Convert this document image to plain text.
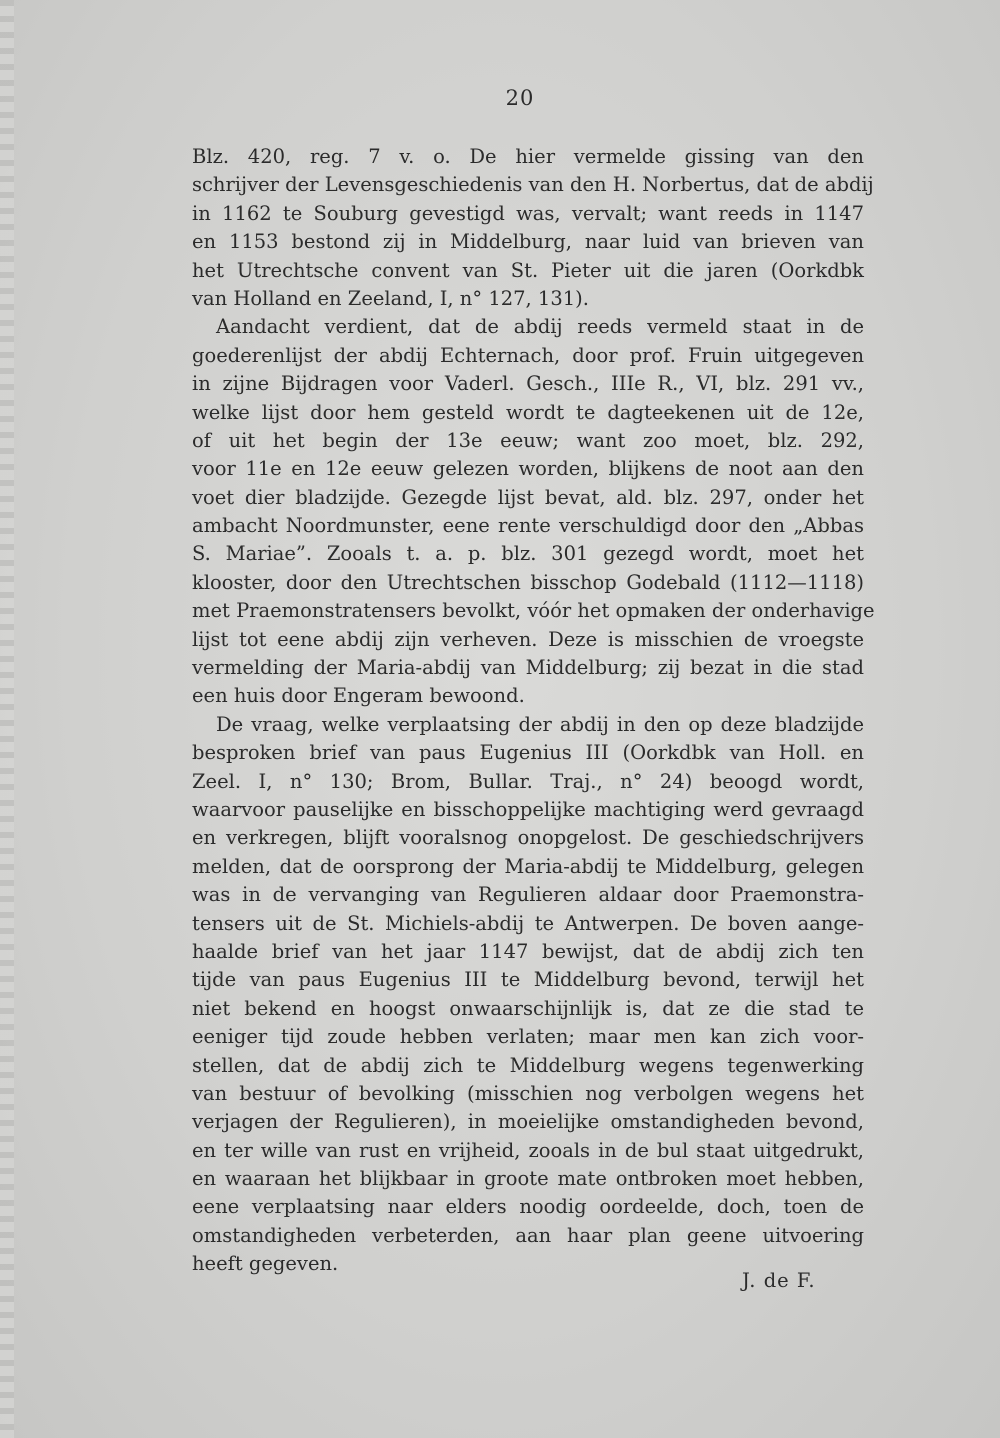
20
Blz. 420, reg. 7 v. o. De hier vermelde gissing van den
schrijver der Levensgeschiedenis van den H. Norbertus, dat de abdij
in 1162 te Souburg gevestigd was, vervalt; want reeds in 1147
en 1153 bestond zij in Middelburg, naar luid van brieven van
het Utrechtsche convent van St. Pieter uit die jaren (Oorkdbk
van Holland en Zeeland, I, n° 127, 131).
Aandacht verdient, dat de abdij reeds vermeld staat in de
goederenlijst der abdij Echternach, door prof. Fruin uitgegeven
in zijne Bijdragen voor Vaderl. Gesch., IIIe R., VI, blz. 291 vv.,
welke lijst door hem gesteld wordt te dagteekenen uit de 12e,
of uit het begin der 13e eeuw; want zoo moet, blz. 292,
voor 11e en 12e eeuw gelezen worden, blijkens de noot aan den
voet dier bladzijde. Gezegde lijst bevat, ald. blz. 297, onder het
ambacht Noordmunster, eene rente verschuldigd door den „Abbas
S. Mariae”. Zooals t. a. p. blz. 301 gezegd wordt, moet het
klooster, door den Utrechtschen bisschop Godebald (1112—1118)
met Praemonstratensers bevolkt, vóór het opmaken der onderhavige
lijst tot eene abdij zijn verheven. Deze is misschien de vroegste
vermelding der Maria-abdij van Middelburg; zij bezat in die stad
een huis door Engeram bewoond.
De vraag, welke verplaatsing der abdij in den op deze bladzijde
besproken brief van paus Eugenius III (Oorkdbk van Holl. en
Zeel. I, n° 130; Brom, Bullar. Traj., n° 24) beoogd wordt,
waarvoor pauselijke en bisschoppelijke machtiging werd gevraagd
en verkregen, blijft vooralsnog onopgelost. De geschiedschrijvers
melden, dat de oorsprong der Maria-abdij te Middelburg, gelegen
was in de vervanging van Regulieren aldaar door Praemonstra-
tensers uit de St. Michiels-abdij te Antwerpen. De boven aange-
haalde brief van het jaar 1147 bewijst, dat de abdij zich ten
tijde van paus Eugenius III te Middelburg bevond, terwijl het
niet bekend en hoogst onwaarschijnlijk is, dat ze die stad te
eeniger tijd zoude hebben verlaten; maar men kan zich voor-
stellen, dat de abdij zich te Middelburg wegens tegenwerking
van bestuur of bevolking (misschien nog verbolgen wegens het
verjagen der Regulieren), in moeielijke omstandigheden bevond,
en ter wille van rust en vrijheid, zooals in de bul staat uitgedrukt,
en waaraan het blijkbaar in groote mate ontbroken moet hebben,
eene verplaatsing naar elders noodig oordeelde, doch, toen de
omstandigheden verbeterden, aan haar plan geene uitvoering
heeft gegeven.
J. de F.
